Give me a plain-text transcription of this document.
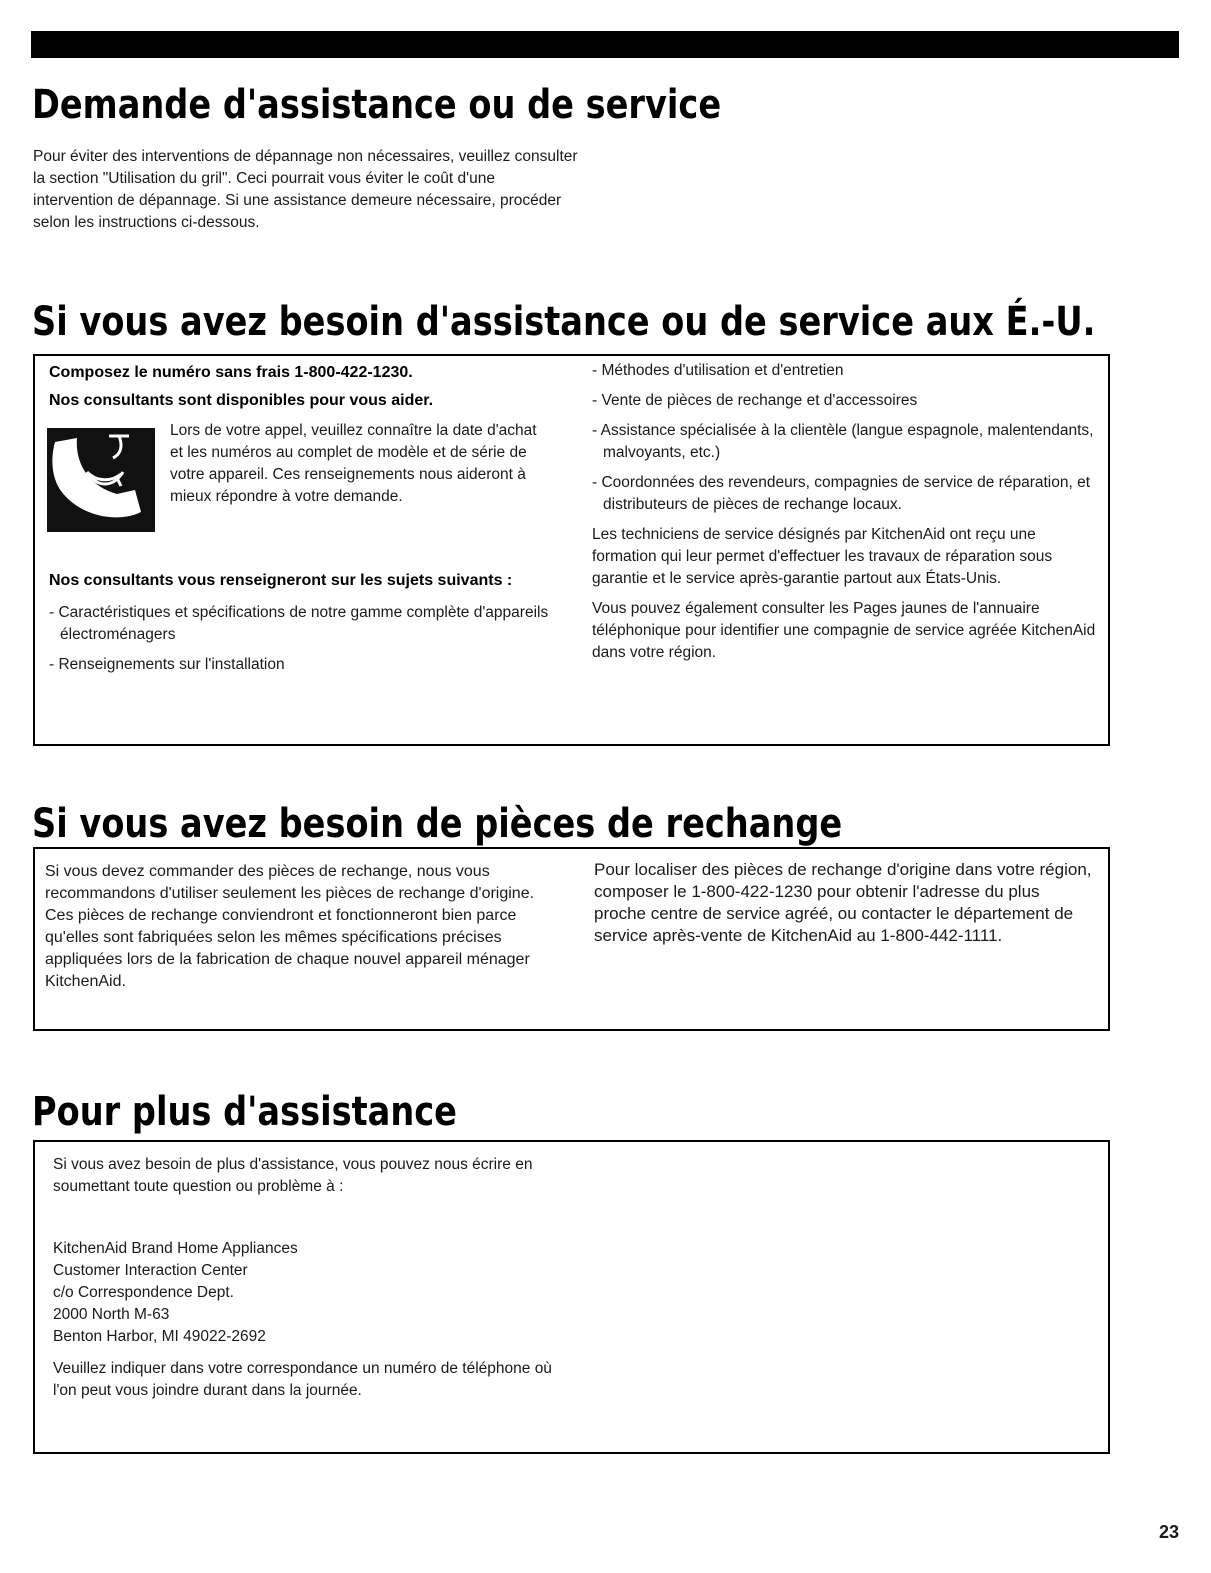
Demande d'assistance ou de service

Pour éviter des interventions de dépannage non nécessaires, veuillez consulter la section "Utilisation du gril". Ceci pourrait vous éviter le coût d'une intervention de dépannage. Si une assistance demeure nécessaire, procéder selon les instructions ci-dessous.

Si vous avez besoin d'assistance ou de service aux É.-U.

Composez le numéro sans frais 1-800-422-1230.

Nos consultants sont disponibles pour vous aider.

Lors de votre appel, veuillez connaître la date d'achat et les numéros au complet de modèle et de série de votre appareil. Ces renseignements nous aideront à mieux répondre à votre demande.

Nos consultants vous renseigneront sur les sujets suivants :

- Caractéristiques et spécifications de notre gamme complète d'appareils électroménagers

- Renseignements sur l'installation

- Méthodes d'utilisation et d'entretien

- Vente de pièces de rechange et d'accessoires

- Assistance spécialisée à la clientèle (langue espagnole, malentendants, malvoyants, etc.)

- Coordonnées des revendeurs, compagnies de service de réparation, et distributeurs de pièces de rechange locaux.

Les techniciens de service désignés par KitchenAid ont reçu une formation qui leur permet d'effectuer les travaux de réparation sous garantie et le service après-garantie partout aux États-Unis.

Vous pouvez également consulter les Pages jaunes de l'annuaire téléphonique pour identifier une compagnie de service agréée KitchenAid dans votre région.

Si vous avez besoin de pièces de rechange

Si vous devez commander des pièces de rechange, nous vous recommandons d'utiliser seulement les pièces de rechange d'origine. Ces pièces de rechange conviendront et fonctionneront bien parce qu'elles sont fabriquées selon les mêmes spécifications précises appliquées lors de la fabrication de chaque nouvel appareil ménager KitchenAid.

Pour localiser des pièces de rechange d'origine dans votre région, composer le 1-800-422-1230 pour obtenir l'adresse du plus proche centre de service agréé, ou contacter le département de service après-vente de KitchenAid au 1-800-442-1111.

Pour plus d'assistance

Si vous avez besoin de plus d'assistance, vous pouvez nous écrire en soumettant toute question ou problème à :

KitchenAid Brand Home Appliances

Customer Interaction Center

c/o Correspondence Dept.

2000 North M-63

Benton Harbor, MI 49022-2692

Veuillez indiquer dans votre correspondance un numéro de téléphone où l'on peut vous joindre durant dans la journée.

23
